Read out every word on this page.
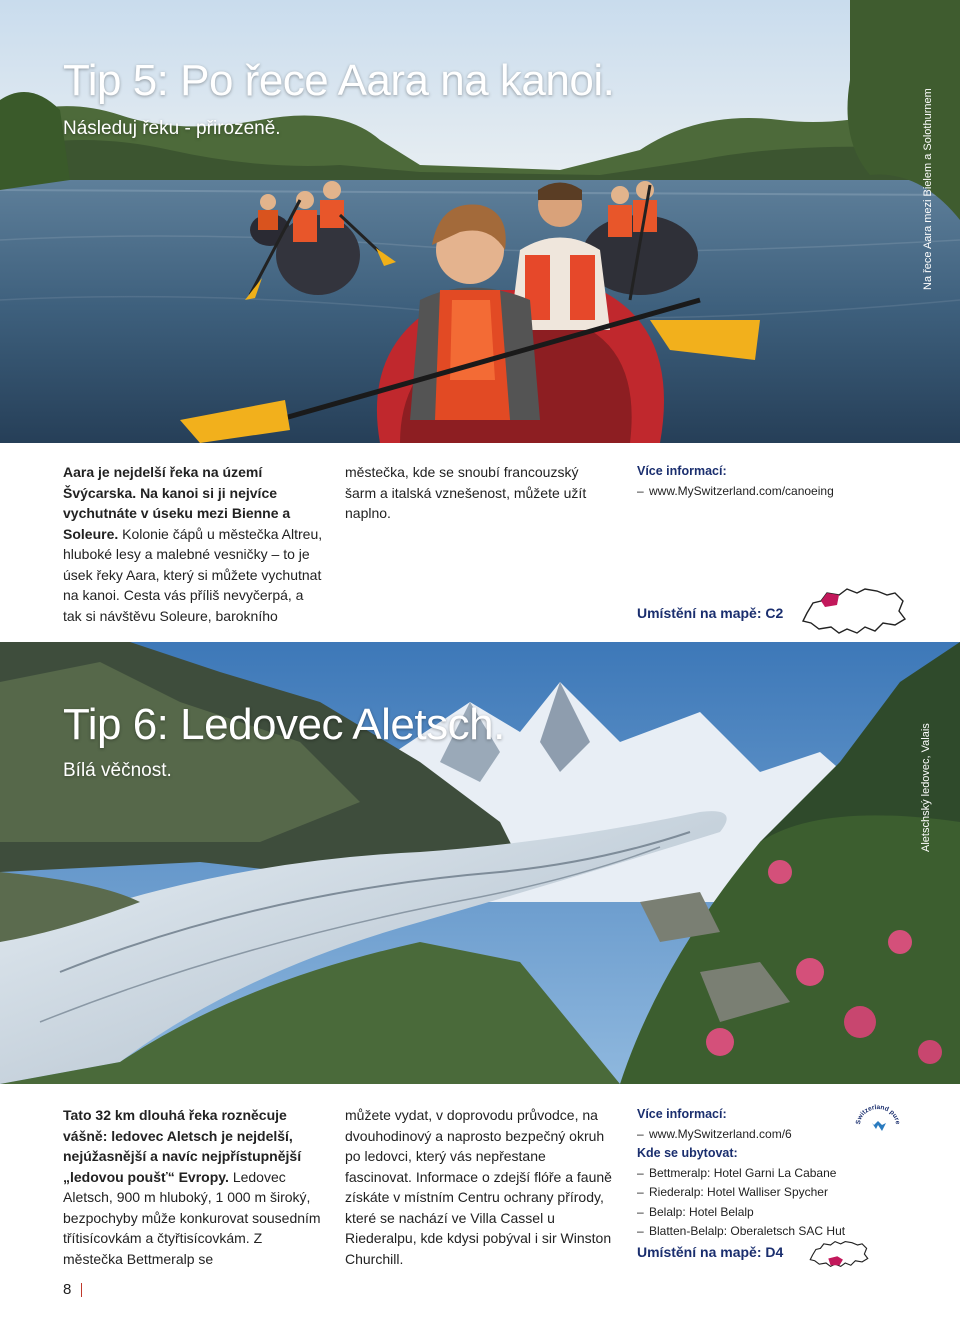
Tip 5: Po řece Aara na kanoi.
Následuj řeku - přirozeně.	Na řece Aara mezi Bielem a Solothurnem
Aara je nejdelší řeka na území Švýcarska. Na kanoi si ji nejvíce vychutnáte v úseku mezi Bienne a Soleure. Kolonie čápů u městečka Altreu, hluboké lesy a malebné vesničky – to je úsek řeky Aara, který si můžete vychutnat na kanoi. Cesta vás příliš nevyčerpá, a tak si návštěvu Soleure, barokního
městečka, kde se snoubí francouzský šarm a italská vznešenost, můžete užít naplno.
Více informací:
– www.MySwitzerland.com/canoeing
Umístění na mapě: C2
Tip 6: Ledovec Aletsch.
Bílá věčnost.	Aletschský ledovec, Valais
Tato 32 km dlouhá řeka rozněcuje vášně: ledovec Aletsch je nejdelší, nejúžasnější a navíc nejpřístupnější „ledovou poušť“ Evropy. Ledovec Aletsch, 900 m hluboký, 1 000 m široký, bezpochyby může konkurovat sousedním třítisícovkám a čtyřtisícovkám. Z městečka Bettmeralp se
můžete vydat, v doprovodu průvodce, na dvouhodinový a naprosto bezpečný okruh po ledovci, který vás nepřestane fascinovat. Informace o zdejší flóře a fauně získáte v místním Centru ochrany přírody, které se nachází ve Villa Cassel u Riederalpu, kde kdysi pobýval i sir Winston Churchill.
Více informací:
– www.MySwitzerland.com/6
Kde se ubytovat:
– Bettmeralp: Hotel Garni La Cabane
– Riederalp: Hotel Walliser Spycher
– Belalp: Hotel Belalp
– Blatten-Belalp: Oberaletsch SAC Hut
Umístění na mapě: D4
Switzerland pure
8
